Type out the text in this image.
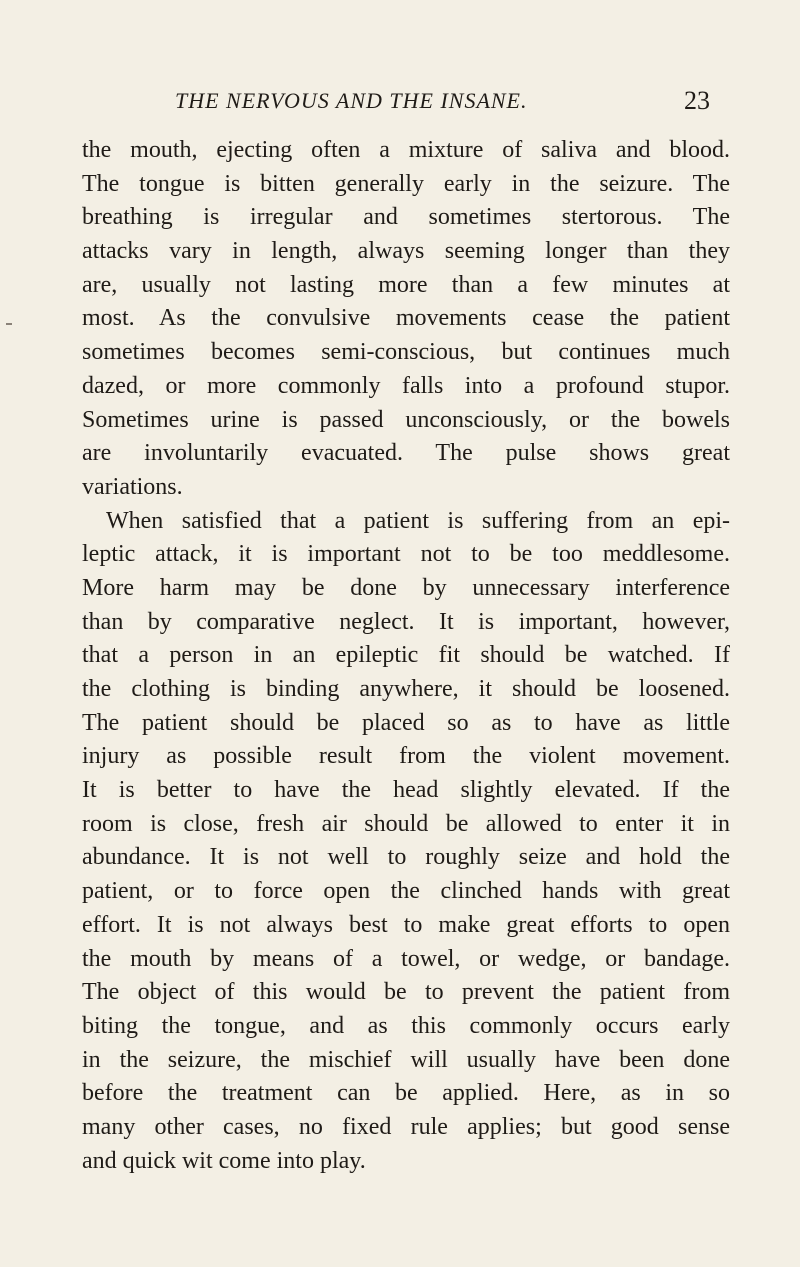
THE NERVOUS AND THE INSANE.	23
the mouth, ejecting often a mixture of saliva and blood.
The tongue is bitten generally early in the seizure. The
breathing is irregular and sometimes stertorous. The
attacks vary in length, always seeming longer than they
are, usually not lasting more than a few minutes at
most. As the convulsive movements cease the patient
sometimes becomes semi-conscious, but continues much
dazed, or more commonly falls into a profound stupor.
Sometimes urine is passed unconsciously, or the bowels
are involuntarily evacuated. The pulse shows great
variations.
When satisfied that a patient is suffering from an epi-
leptic attack, it is important not to be too meddlesome.
More harm may be done by unnecessary interference
than by comparative neglect. It is important, however,
that a person in an epileptic fit should be watched. If
the clothing is binding anywhere, it should be loosened.
The patient should be placed so as to have as little
injury as possible result from the violent movement.
It is better to have the head slightly elevated. If the
room is close, fresh air should be allowed to enter it in
abundance. It is not well to roughly seize and hold the
patient, or to force open the clinched hands with great
effort. It is not always best to make great efforts to open
the mouth by means of a towel, or wedge, or bandage.
The object of this would be to prevent the patient from
biting the tongue, and as this commonly occurs early
in the seizure, the mischief will usually have been done
before the treatment can be applied. Here, as in so
many other cases, no fixed rule applies; but good sense
and quick wit come into play.
